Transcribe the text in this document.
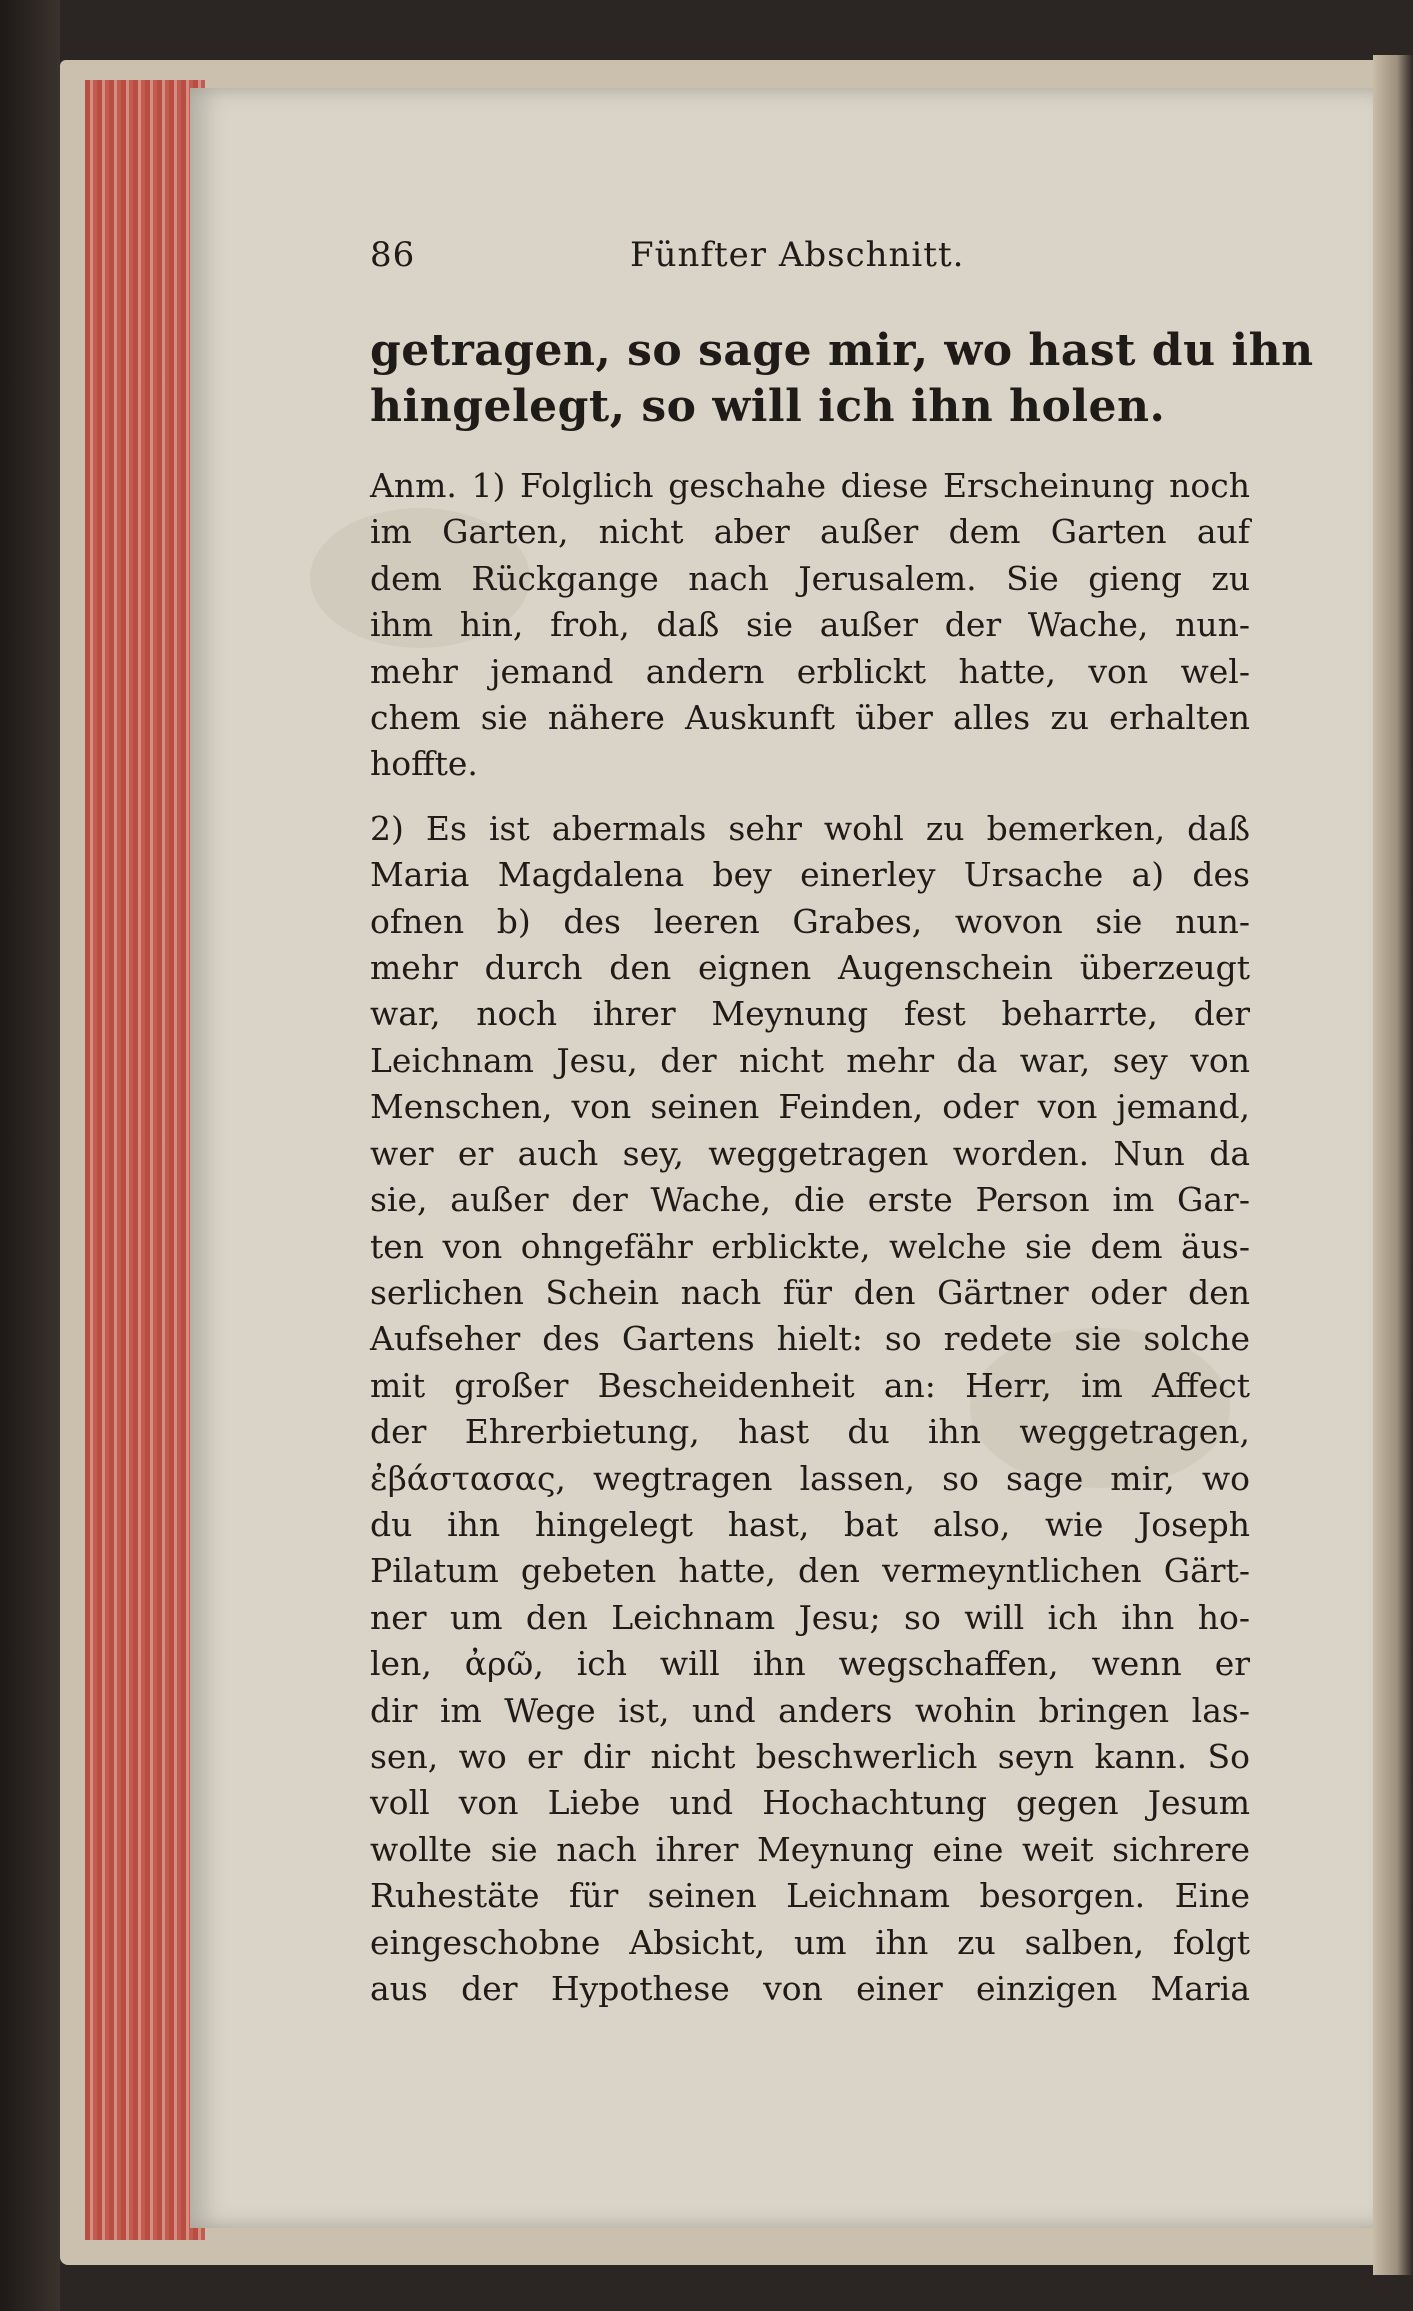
86	Fünfter Abschnitt.
getragen, so sage mir, wo hast du ihn
hingelegt, so will ich ihn holen.
Anm. 1) Folglich geschahe diese Erscheinung noch
im Garten, nicht aber außer dem Garten auf
dem Rückgange nach Jerusalem. Sie gieng zu
ihm hin, froh, daß sie außer der Wache, nun-
mehr jemand andern erblickt hatte, von wel-
chem sie nähere Auskunft über alles zu erhalten
hoffte.
2) Es ist abermals sehr wohl zu bemerken, daß
Maria Magdalena bey einerley Ursache a) des
ofnen b) des leeren Grabes, wovon sie nun-
mehr durch den eignen Augenschein überzeugt
war, noch ihrer Meynung fest beharrte, der
Leichnam Jesu, der nicht mehr da war, sey von
Menschen, von seinen Feinden, oder von jemand,
wer er auch sey, weggetragen worden. Nun da
sie, außer der Wache, die erste Person im Gar-
ten von ohngefähr erblickte, welche sie dem äus-
serlichen Schein nach für den Gärtner oder den
Aufseher des Gartens hielt: so redete sie solche
mit großer Bescheidenheit an: Herr, im Affect
der Ehrerbietung, hast du ihn weggetragen,
ἐβάστασας, wegtragen lassen, so sage mir, wo
du ihn hingelegt hast, bat also, wie Joseph
Pilatum gebeten hatte, den vermeyntlichen Gärt-
ner um den Leichnam Jesu; so will ich ihn ho-
len, ἀρῶ, ich will ihn wegschaffen, wenn er
dir im Wege ist, und anders wohin bringen las-
sen, wo er dir nicht beschwerlich seyn kann. So
voll von Liebe und Hochachtung gegen Jesum
wollte sie nach ihrer Meynung eine weit sichrere
Ruhestäte für seinen Leichnam besorgen. Eine
eingeschobne Absicht, um ihn zu salben, folgt
aus der Hypothese von einer einzigen Maria
